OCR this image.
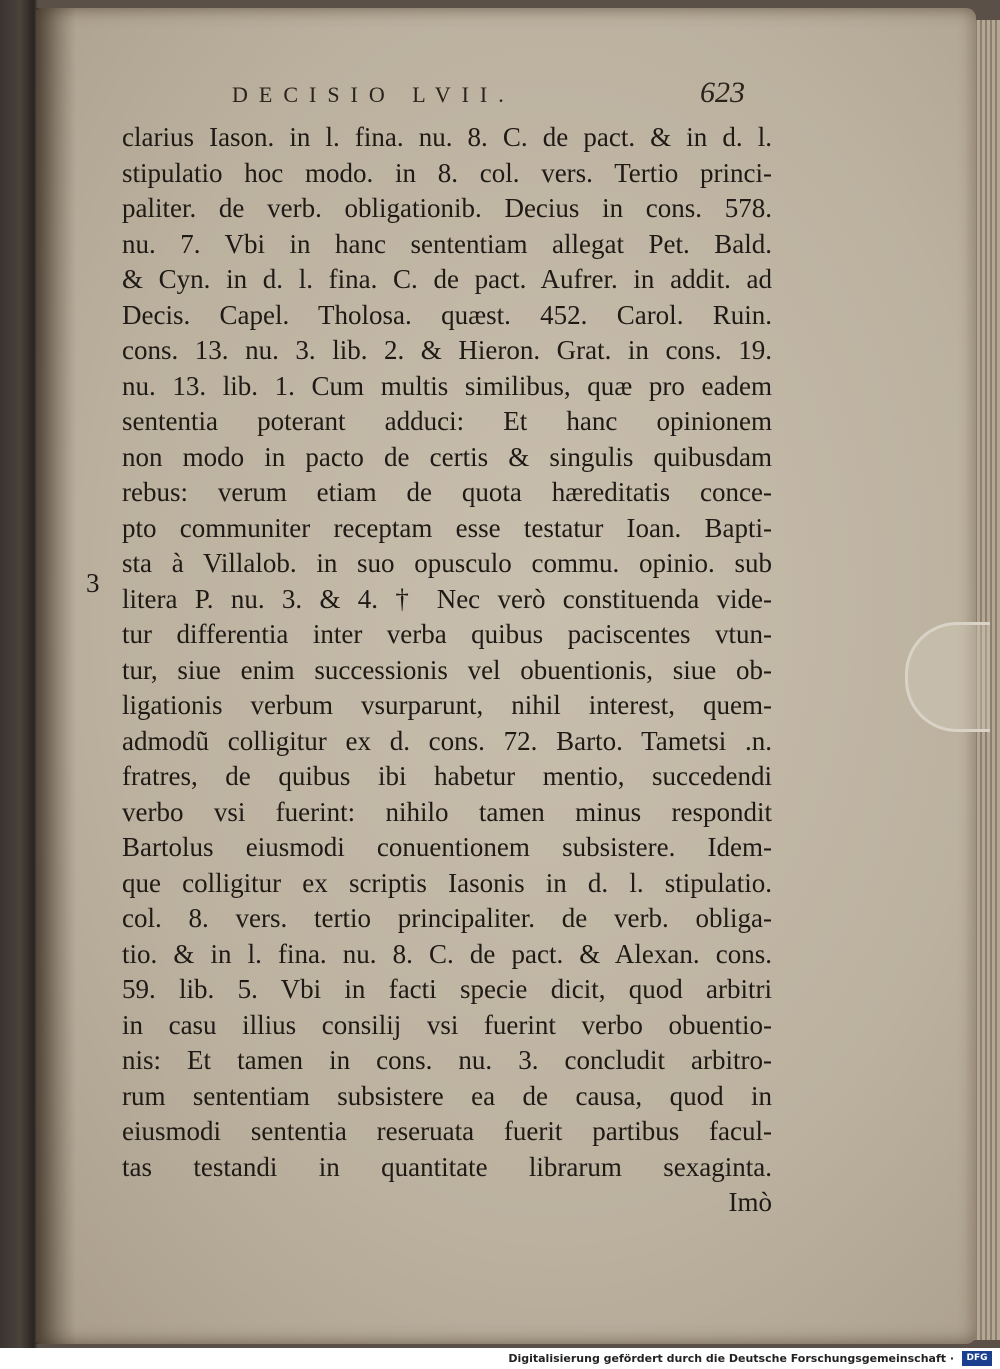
DECISIO LVII.	623
3
clarius Iason. in l. fina. nu. 8. C. de pact. & in d. l.
stipulatio hoc modo. in 8. col. vers. Tertio princi-
paliter. de verb. obligationib. Decius in cons. 578.
nu. 7. Vbi in hanc sententiam allegat Pet. Bald.
& Cyn. in d. l. fina. C. de pact. Aufrer. in addit. ad
Decis. Capel. Tholosa. quæst. 452. Carol. Ruin.
cons. 13. nu. 3. lib. 2. & Hieron. Grat. in cons. 19.
nu. 13. lib. 1. Cum multis similibus, quæ pro eadem
sententia poterant adduci: Et hanc opinionem
non modo in pacto de certis & singulis quibusdam
rebus: verum etiam de quota hæreditatis conce-
pto communiter receptam esse testatur Ioan. Bapti-
sta à Villalob. in suo opusculo commu. opinio. sub
litera P. nu. 3. & 4. † Nec verò constituenda vide-
tur differentia inter verba quibus paciscentes vtun-
tur, siue enim successionis vel obuentionis, siue ob-
ligationis verbum vsurparunt, nihil interest, quem-
admodũ colligitur ex d. cons. 72. Barto. Tametsi .n.
fratres, de quibus ibi habetur mentio, succedendi
verbo vsi fuerint: nihilo tamen minus respondit
Bartolus eiusmodi conuentionem subsistere. Idem-
que colligitur ex scriptis Iasonis in d. l. stipulatio.
col. 8. vers. tertio principaliter. de verb. obliga-
tio. & in l. fina. nu. 8. C. de pact. & Alexan. cons.
59. lib. 5. Vbi in facti specie dicit, quod arbitri
in casu illius consilij vsi fuerint verbo obuentio-
nis: Et tamen in cons. nu. 3. concludit arbitro-
rum sententiam subsistere ea de causa, quod in
eiusmodi sententia reseruata fuerit partibus facul-
tas testandi in quantitate librarum sexaginta.
Imò
Digitalisierung gefördert durch die Deutsche Forschungsgemeinschaft ·	DFG
